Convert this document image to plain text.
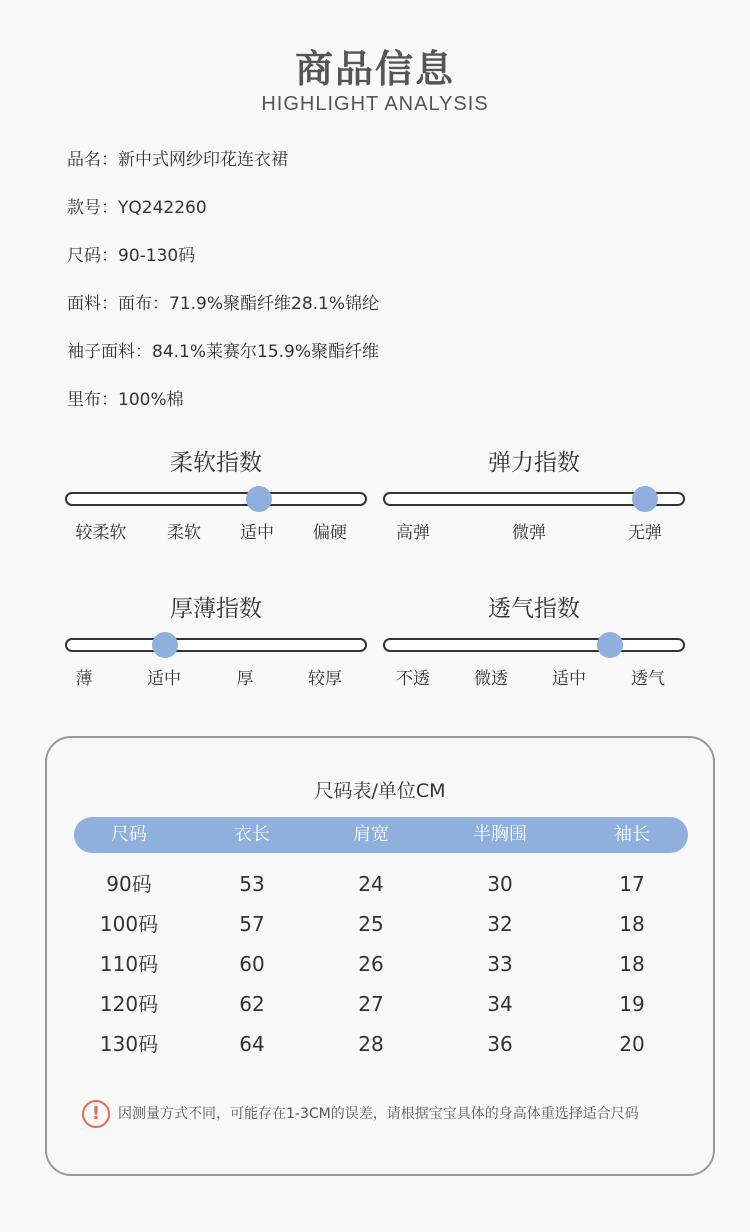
商品信息
HIGHLIGHT ANALYSIS
品名：新中式网纱印花连衣裙
款号：YQ242260
尺码：90-130码
面料：面布：71.9%聚酯纤维28.1%锦纶
袖子面料：84.1%莱赛尔15.9%聚酯纤维
里布：100%棉
柔软指数
较柔软 柔软 适中 偏硬
弹力指数
高弹	微弹	无弹
厚薄指数
薄	适中	厚	较厚
透气指数
不透	微透	适中	透气
尺码表/单位CM
尺码	衣长	肩宽	半胸围	袖长
90码	53	24	30	17
100码	57	25	32	18
110码	60	26	33	18
120码	62	27	34	19
130码	64	28	36	20
!	因测量方式不同，可能存在1-3CM的误差，请根据宝宝具体的身高体重选择适合尺码
